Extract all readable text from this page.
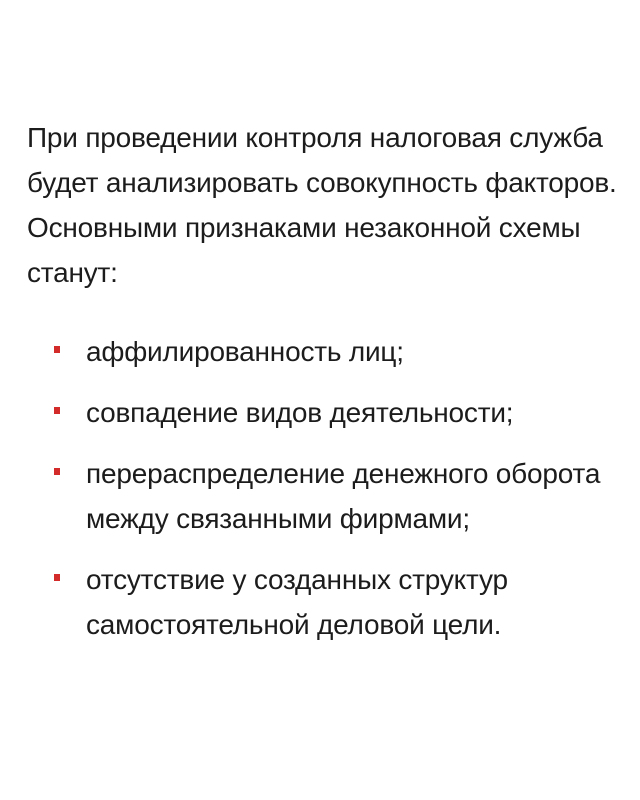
При проведении контроля налоговая служба будет анализировать совокупность факторов. Основными признаками незаконной схемы станут:

аффилированность лиц;
совпадение видов деятельности;
перераспределение денежного оборота между связанными фирмами;
отсутствие у созданных структур самостоятельной деловой цели.
